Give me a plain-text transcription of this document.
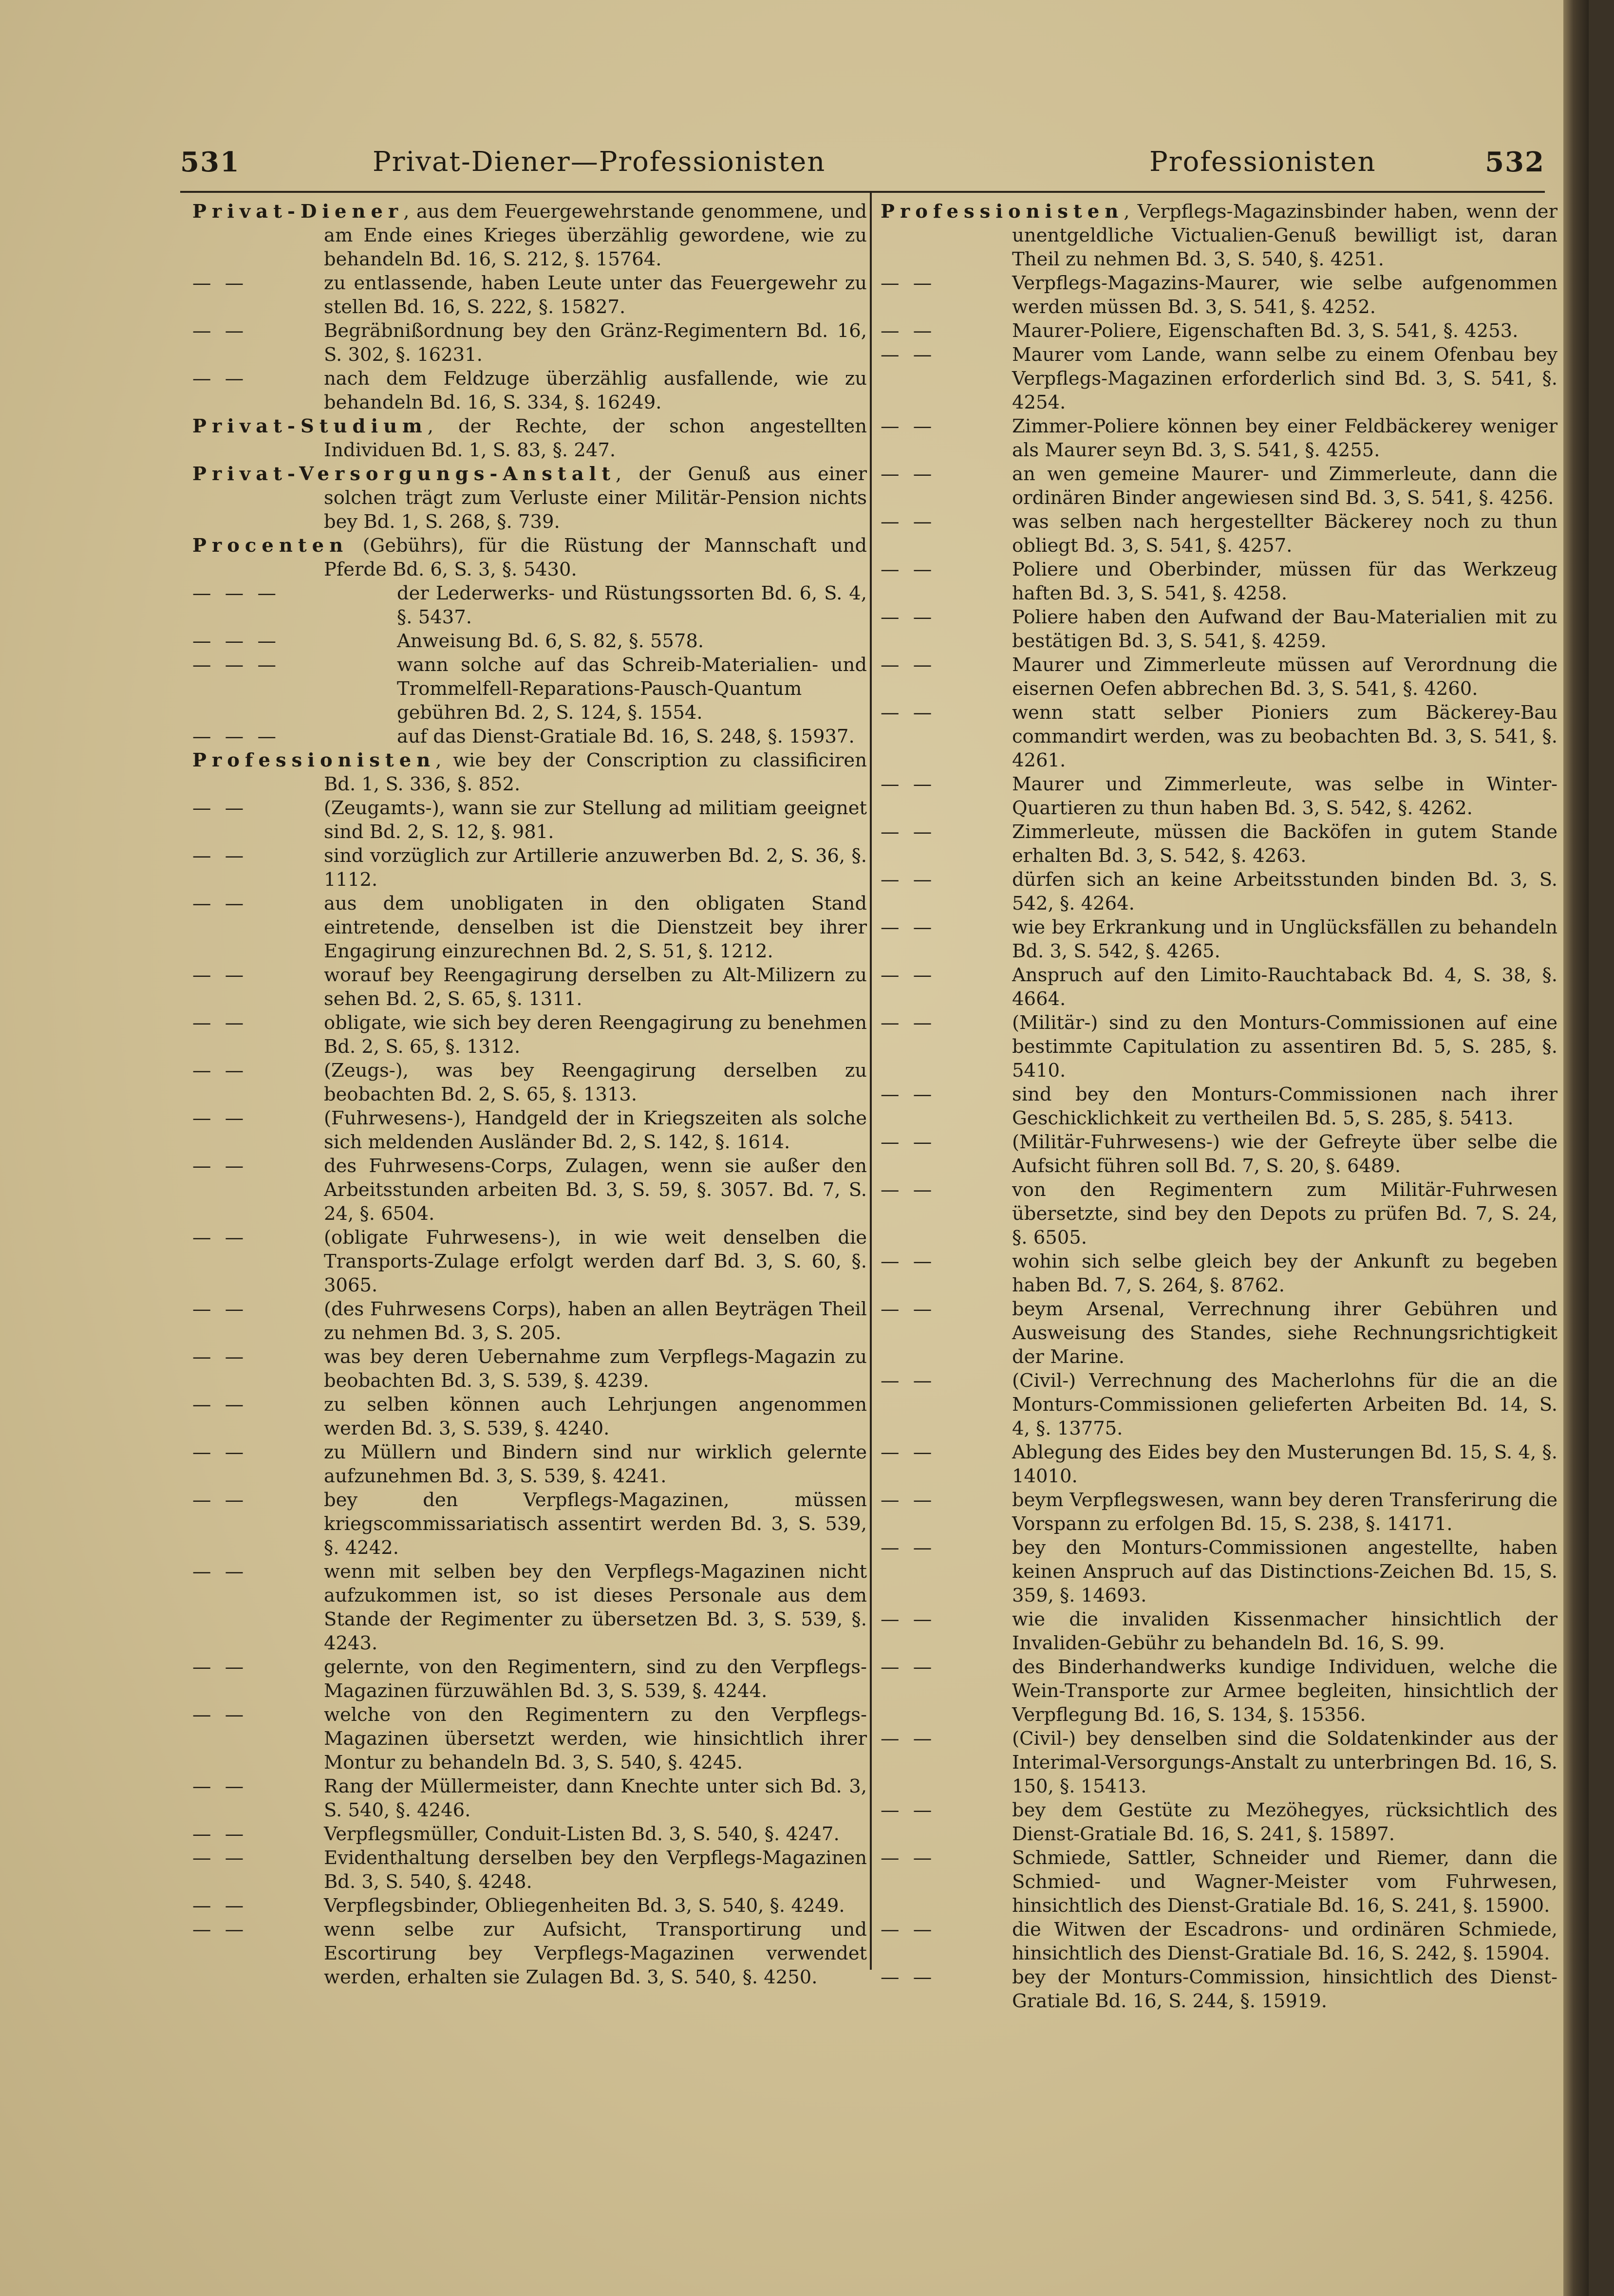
531	Privat-Diener—Professionisten	Professionisten	532
Privat-Diener, aus dem Feuergewehrstande genommene, und am Ende eines Krieges überzählig gewordene, wie zu behandeln Bd. 16, S. 212, §. 15764.
— —	zu entlassende, haben Leute unter das Feuergewehr zu stellen Bd. 16, S. 222, §. 15827.
— —	Begräbnißordnung bey den Gränz-Regimentern Bd. 16, S. 302, §. 16231.
— —	nach dem Feldzuge überzählig ausfallende, wie zu behandeln Bd. 16, S. 334, §. 16249.
Privat-Studium, der Rechte, der schon angestellten Individuen Bd. 1, S. 83, §. 247.
Privat-Versorgungs-Anstalt, der Genuß aus einer solchen trägt zum Verluste einer Militär-Pension nichts bey Bd. 1, S. 268, §. 739.
Procenten (Gebührs), für die Rüstung der Mannschaft und Pferde Bd. 6, S. 3, §. 5430.
— — —	der Lederwerks- und Rüstungssorten Bd. 6, S. 4, §. 5437.
— — —	Anweisung Bd. 6, S. 82, §. 5578.
— — —	wann solche auf das Schreib-Materialien- und Trommelfell-Reparations-Pausch-Quantum gebühren Bd. 2, S. 124, §. 1554.
— — —	auf das Dienst-Gratiale Bd. 16, S. 248, §. 15937.
Professionisten, wie bey der Conscription zu classificiren Bd. 1, S. 336, §. 852.
— —	(Zeugamts-), wann sie zur Stellung ad militiam geeignet sind Bd. 2, S. 12, §. 981.
— —	sind vorzüglich zur Artillerie anzuwerben Bd. 2, S. 36, §. 1112.
— —	aus dem unobligaten in den obligaten Stand eintretende, denselben ist die Dienstzeit bey ihrer Engagirung einzurechnen Bd. 2, S. 51, §. 1212.
— —	worauf bey Reengagirung derselben zu Alt-Milizern zu sehen Bd. 2, S. 65, §. 1311.
— —	obligate, wie sich bey deren Reengagirung zu benehmen Bd. 2, S. 65, §. 1312.
— —	(Zeugs-), was bey Reengagirung derselben zu beobachten Bd. 2, S. 65, §. 1313.
— —	(Fuhrwesens-), Handgeld der in Kriegszeiten als solche sich meldenden Ausländer Bd. 2, S. 142, §. 1614.
— —	des Fuhrwesens-Corps, Zulagen, wenn sie außer den Arbeitsstunden arbeiten Bd. 3, S. 59, §. 3057. Bd. 7, S. 24, §. 6504.
— —	(obligate Fuhrwesens-), in wie weit denselben die Transports-Zulage erfolgt werden darf Bd. 3, S. 60, §. 3065.
— —	(des Fuhrwesens Corps), haben an allen Beyträgen Theil zu nehmen Bd. 3, S. 205.
— —	was bey deren Uebernahme zum Verpflegs-Magazin zu beobachten Bd. 3, S. 539, §. 4239.
— —	zu selben können auch Lehrjungen angenommen werden Bd. 3, S. 539, §. 4240.
— —	zu Müllern und Bindern sind nur wirklich gelernte aufzunehmen Bd. 3, S. 539, §. 4241.
— —	bey den Verpflegs-Magazinen, müssen kriegscommissariatisch assentirt werden Bd. 3, S. 539, §. 4242.
— —	wenn mit selben bey den Verpflegs-Magazinen nicht aufzukommen ist, so ist dieses Personale aus dem Stande der Regimenter zu übersetzen Bd. 3, S. 539, §. 4243.
— —	gelernte, von den Regimentern, sind zu den Verpflegs-Magazinen fürzuwählen Bd. 3, S. 539, §. 4244.
— —	welche von den Regimentern zu den Verpflegs-Magazinen übersetzt werden, wie hinsichtlich ihrer Montur zu behandeln Bd. 3, S. 540, §. 4245.
— —	Rang der Müllermeister, dann Knechte unter sich Bd. 3, S. 540, §. 4246.
— —	Verpflegsmüller, Conduit-Listen Bd. 3, S. 540, §. 4247.
— —	Evidenthaltung derselben bey den Verpflegs-Magazinen Bd. 3, S. 540, §. 4248.
— —	Verpflegsbinder, Obliegenheiten Bd. 3, S. 540, §. 4249.
— —	wenn selbe zur Aufsicht, Transportirung und Escortirung bey Verpflegs-Magazinen verwendet werden, erhalten sie Zulagen Bd. 3, S. 540, §. 4250.
Professionisten, Verpflegs-Magazinsbinder haben, wenn der unentgeldliche Victualien-Genuß bewilligt ist, daran Theil zu nehmen Bd. 3, S. 540, §. 4251.
— —	Verpflegs-Magazins-Maurer, wie selbe aufgenommen werden müssen Bd. 3, S. 541, §. 4252.
— —	Maurer-Poliere, Eigenschaften Bd. 3, S. 541, §. 4253.
— —	Maurer vom Lande, wann selbe zu einem Ofenbau bey Verpflegs-Magazinen erforderlich sind Bd. 3, S. 541, §. 4254.
— —	Zimmer-Poliere können bey einer Feldbäckerey weniger als Maurer seyn Bd. 3, S. 541, §. 4255.
— —	an wen gemeine Maurer- und Zimmerleute, dann die ordinären Binder angewiesen sind Bd. 3, S. 541, §. 4256.
— —	was selben nach hergestellter Bäckerey noch zu thun obliegt Bd. 3, S. 541, §. 4257.
— —	Poliere und Oberbinder, müssen für das Werkzeug haften Bd. 3, S. 541, §. 4258.
— —	Poliere haben den Aufwand der Bau-Materialien mit zu bestätigen Bd. 3, S. 541, §. 4259.
— —	Maurer und Zimmerleute müssen auf Verordnung die eisernen Oefen abbrechen Bd. 3, S. 541, §. 4260.
— —	wenn statt selber Pioniers zum Bäckerey-Bau commandirt werden, was zu beobachten Bd. 3, S. 541, §. 4261.
— —	Maurer und Zimmerleute, was selbe in Winter-Quartieren zu thun haben Bd. 3, S. 542, §. 4262.
— —	Zimmerleute, müssen die Backöfen in gutem Stande erhalten Bd. 3, S. 542, §. 4263.
— —	dürfen sich an keine Arbeitsstunden binden Bd. 3, S. 542, §. 4264.
— —	wie bey Erkrankung und in Unglücksfällen zu behandeln Bd. 3, S. 542, §. 4265.
— —	Anspruch auf den Limito-Rauchtaback Bd. 4, S. 38, §. 4664.
— —	(Militär-) sind zu den Monturs-Commissionen auf eine bestimmte Capitulation zu assentiren Bd. 5, S. 285, §. 5410.
— —	sind bey den Monturs-Commissionen nach ihrer Geschicklichkeit zu vertheilen Bd. 5, S. 285, §. 5413.
— —	(Militär-Fuhrwesens-) wie der Gefreyte über selbe die Aufsicht führen soll Bd. 7, S. 20, §. 6489.
— —	von den Regimentern zum Militär-Fuhrwesen übersetzte, sind bey den Depots zu prüfen Bd. 7, S. 24, §. 6505.
— —	wohin sich selbe gleich bey der Ankunft zu begeben haben Bd. 7, S. 264, §. 8762.
— —	beym Arsenal, Verrechnung ihrer Gebühren und Ausweisung des Standes, siehe Rechnungsrichtigkeit der Marine.
— —	(Civil-) Verrechnung des Macherlohns für die an die Monturs-Commissionen gelieferten Arbeiten Bd. 14, S. 4, §. 13775.
— —	Ablegung des Eides bey den Musterungen Bd. 15, S. 4, §. 14010.
— —	beym Verpflegswesen, wann bey deren Transferirung die Vorspann zu erfolgen Bd. 15, S. 238, §. 14171.
— —	bey den Monturs-Commissionen angestellte, haben keinen Anspruch auf das Distinctions-Zeichen Bd. 15, S. 359, §. 14693.
— —	wie die invaliden Kissenmacher hinsichtlich der Invaliden-Gebühr zu behandeln Bd. 16, S. 99.
— —	des Binderhandwerks kundige Individuen, welche die Wein-Transporte zur Armee begleiten, hinsichtlich der Verpflegung Bd. 16, S. 134, §. 15356.
— —	(Civil-) bey denselben sind die Soldatenkinder aus der Interimal-Versorgungs-Anstalt zu unterbringen Bd. 16, S. 150, §. 15413.
— —	bey dem Gestüte zu Mezöhegyes, rücksichtlich des Dienst-Gratiale Bd. 16, S. 241, §. 15897.
— —	Schmiede, Sattler, Schneider und Riemer, dann die Schmied- und Wagner-Meister vom Fuhrwesen, hinsichtlich des Dienst-Gratiale Bd. 16, S. 241, §. 15900.
— —	die Witwen der Escadrons- und ordinären Schmiede, hinsichtlich des Dienst-Gratiale Bd. 16, S. 242, §. 15904.
— —	bey der Monturs-Commission, hinsichtlich des Dienst-Gratiale Bd. 16, S. 244, §. 15919.
